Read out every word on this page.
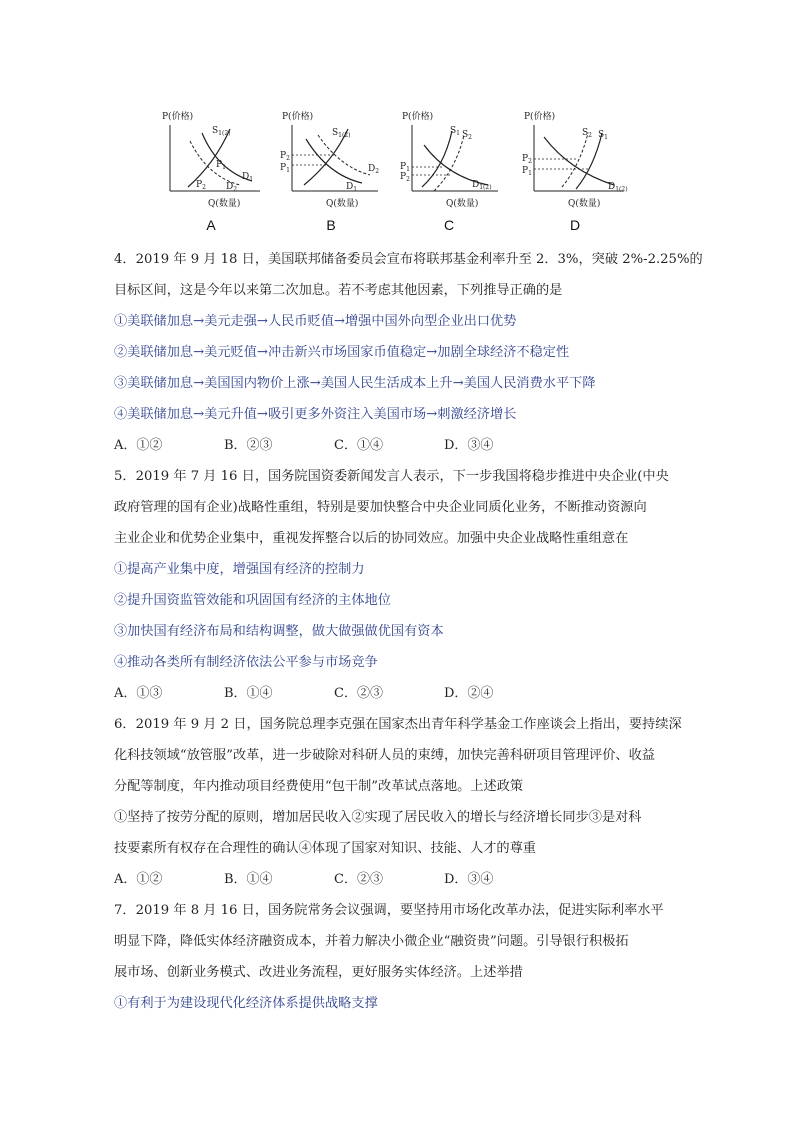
P(价格)
Q(数量)
$S_{1(2)}$
$P_1$
$P_2$
$D_1$
$D_2$
A
P(价格)
Q(数量)
$S_{1(2)}$
$P_2$
$P_1$	$D_2$
$D_1$
B
P(价格)
Q(数量)
$S_1$ $S_2$
$P_1$
$P_2$
$D_{1(2)}$
C
P(价格)
Q(数量)
$S_2$ $S_1$
$P_2$
$P_1$
$D_{1(2)}$
D
4．2019 年 9 月 18 日，美国联邦储备委员会宣布将联邦基金利率升至 2．3%，突破 2%-2.25%的
目标区间，这是今年以来第二次加息。若不考虑其他因素，下列推导正确的是
①美联储加息→美元走强→人民币贬值→增强中国外向型企业出口优势
②美联储加息→美元贬值→冲击新兴市场国家币值稳定→加剧全球经济不稳定性
③美联储加息→美国国内物价上涨→美国人民生活成本上升→美国人民消费水平下降
④美联储加息→美元升值→吸引更多外资注入美国市场→刺激经济增长
A．①②	B．②③	C．①④	D．③④
5．2019 年 7 月 16 日，国务院国资委新闻发言人表示，下一步我国将稳步推进中央企业(中央
政府管理的国有企业)战略性重组，特别是要加快整合中央企业同质化业务，不断推动资源向
主业企业和优势企业集中，重视发挥整合以后的协同效应。加强中央企业战略性重组意在
①提高产业集中度，增强国有经济的控制力
②提升国资监管效能和巩固国有经济的主体地位
③加快国有经济布局和结构调整，做大做强做优国有资本
④推动各类所有制经济依法公平参与市场竞争
A．①③	B．①④	C．②③	D．②④
6．2019 年 9 月 2 日，国务院总理李克强在国家杰出青年科学基金工作座谈会上指出，要持续深
化科技领域“放管服”改革，进一步破除对科研人员的束缚，加快完善科研项目管理评价、收益
分配等制度，年内推动项目经费使用“包干制”改革试点落地。上述政策
①坚持了按劳分配的原则，增加居民收入②实现了居民收入的增长与经济增长同步③是对科
技要素所有权存在合理性的确认④体现了国家对知识、技能、人才的尊重
A．①②	B．①④	C．②③	D．③④
7．2019 年 8 月 16 日，国务院常务会议强调，要坚持用市场化改革办法，促进实际利率水平
明显下降，降低实体经济融资成本，并着力解决小微企业“融资贵”问题。引导银行积极拓
展市场、创新业务模式、改进业务流程，更好服务实体经济。上述举措
①有利于为建设现代化经济体系提供战略支撑
